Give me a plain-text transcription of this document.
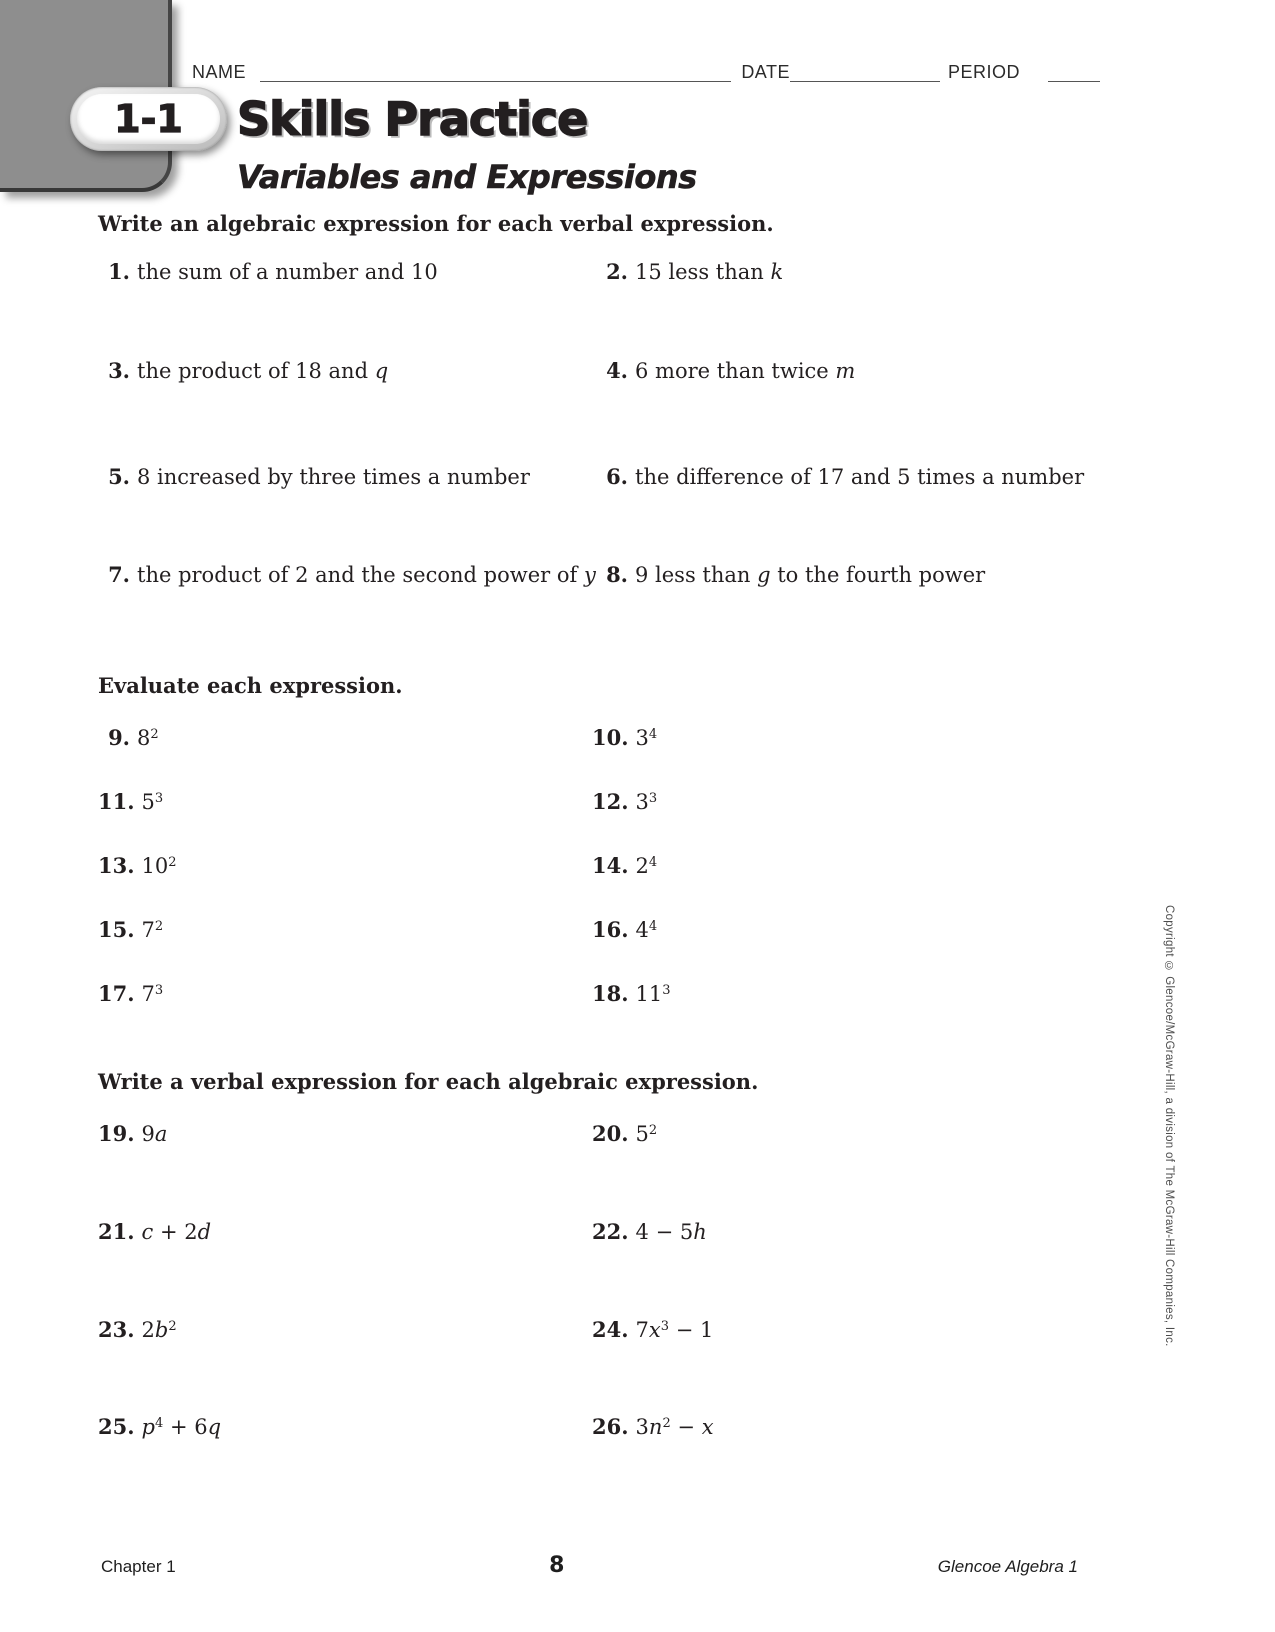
NAME	DATE	PERIOD
1-1 Skills Practice
Variables and Expressions
Write an algebraic expression for each verbal expression.
1. the sum of a number and 10	2. 15 less than k
3. the product of 18 and q	4. 6 more than twice m
5. 8 increased by three times a number	6. the difference of 17 and 5 times a number
7. the product of 2 and the second power of y 8. 9 less than g to the fourth power
Evaluate each expression.
9. $8^2$	10. $3^4$
11. $5^3$	12. $3^3$
13. $10^2$	14. $2^4$
15. $7^2$	16. $4^4$
17. $7^3$	18. $11^3$
Write a verbal expression for each algebraic expression.
19. 9a	20. $5^2$
21. c + 2d	22. 4 − 5h
23. $2b^2$	24. $7x^3 - 1$
25. $p^4 + 6q$	26. $3n^2 - x$
Copyright © Glencoe/McGraw-Hill, a division of The McGraw-Hill Companies, Inc.
Chapter 1	8	Glencoe Algebra 1
